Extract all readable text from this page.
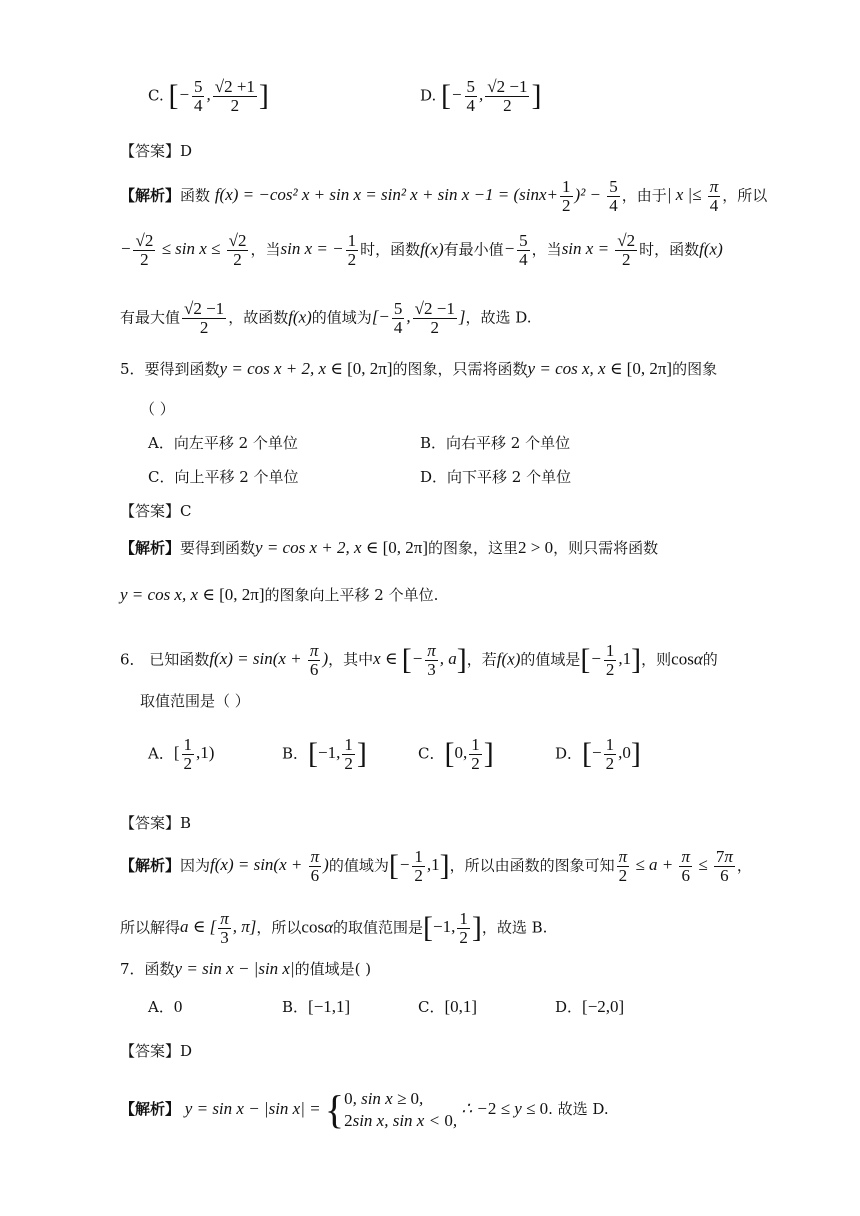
C. [− $\frac{5}{4}$ , $\frac{√2 +1}{2}$ ]	D. [− $\frac{5}{4}$ , $\frac{√2 -1}{2}$ ]
【答案】D
【解析】函数 f(x) = −cos² x + sin x = sin² $x + \sin x -1 = (\sin x+ \frac{1}{2} )^2 - \frac{5}{4}$ ，由于| x |≤ $\frac{\pi}{4}$ ，所以
− $\frac{√2}{2} \le \sin x \le \frac{√2}{2}$ ，当sin x = − $\frac{1}{2}$ 时，函数f(x)有最小值− $\frac{5}{4}$ ，当$\sin x = \frac{√2}{2}$ 时，函数f(x)
有最大值 $\frac{√2 -1}{2}$ ，故函数f(x)的值域为[− $\frac{5}{4}$ , $\frac{√2 -1}{2}$ ]，故选 D.
5．要得到函数y = cos x + 2, x ∈ [0, 2π]的图象，只需将函数y = cos x, x ∈ [0, 2π]的图象
（ ）
A．向左平移 2 个单位	B．向右平移 2 个单位
C．向上平移 2 个单位	D．向下平移 2 个单位
【答案】C
【解析】要得到函数y = cos x + 2, x ∈ [0, 2π]的图象，这里2 > 0，则只需将函数
y = cos x, x ∈ [0, 2π]的图象向上平移 2 个单位.
6． 已知函数$f(x) = \sin(x + \frac{\pi}{6}$ )，其中x ∈ [− $\frac{\pi}{3}$ , a]，若f(x)的值域是[− $\frac{1}{2} ,1$]，则cosα的
取值范围是（ ）
A．[ $\frac{1}{2} ,1$)	B．[−1, $\frac{1}{2}$ ]	C．[0, $\frac{1}{2}$ ]	D．[− $\frac{1}{2} ,0$]
【答案】B
【解析】因为$f(x) = \sin(x + \frac{\pi}{6}$ )的值域为[− $\frac{1}{2} ,1$]，所以由函数的图象可知 $\frac{\pi}{2} \le a + \frac{\pi}{6} \le \frac{7\pi}{6}$ ，
所以解得a ∈ [ $\frac{\pi}{3}$ , π]，所以cosα的取值范围是[−1, $\frac{1}{2}$ ]，故选 B.
7．函数y = sin x − |sin x|的值域是( )
A．0	B．[−1,1]	C．[0,1]	D．[−2,0]
【答案】D
【解析】 y = sin x − |sin x| = { 0, sin x ≥ 0,
2sin x, sin x < 0,
∴ −2 ≤ y ≤ 0. 故选 D.
